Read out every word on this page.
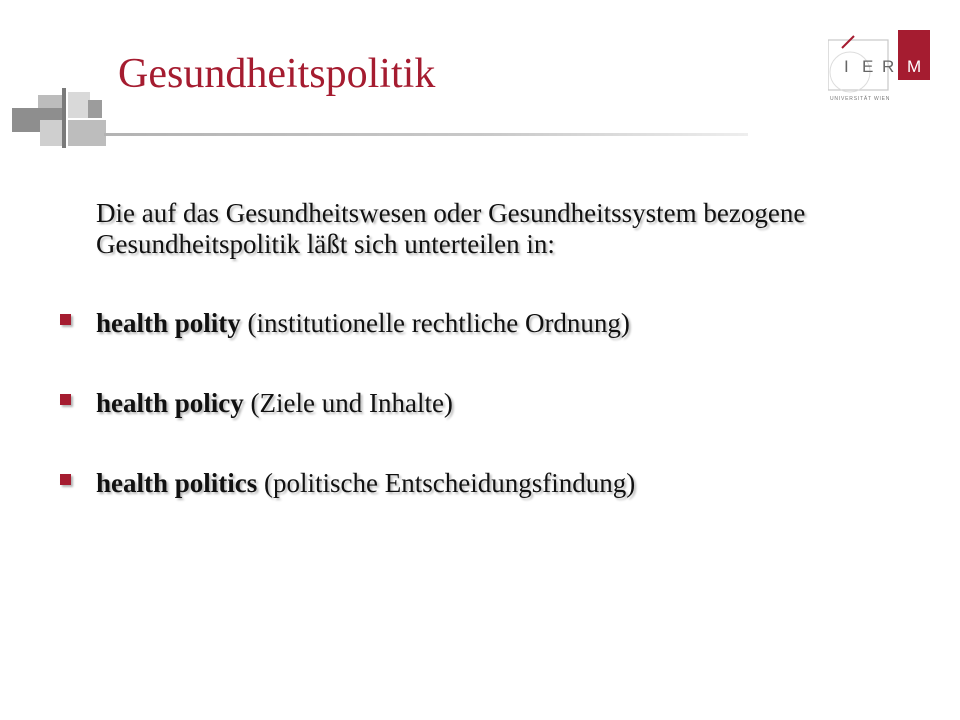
Gesundheitspolitik	I E R M
UNIVERSITÄT WIEN
Die auf das Gesundheitswesen oder Gesundheitssystem bezogene Gesundheitspolitik läßt sich unterteilen in:
health polity (institutionelle rechtliche Ordnung)
health policy (Ziele und Inhalte)
health politics (politische Entscheidungsfindung)
